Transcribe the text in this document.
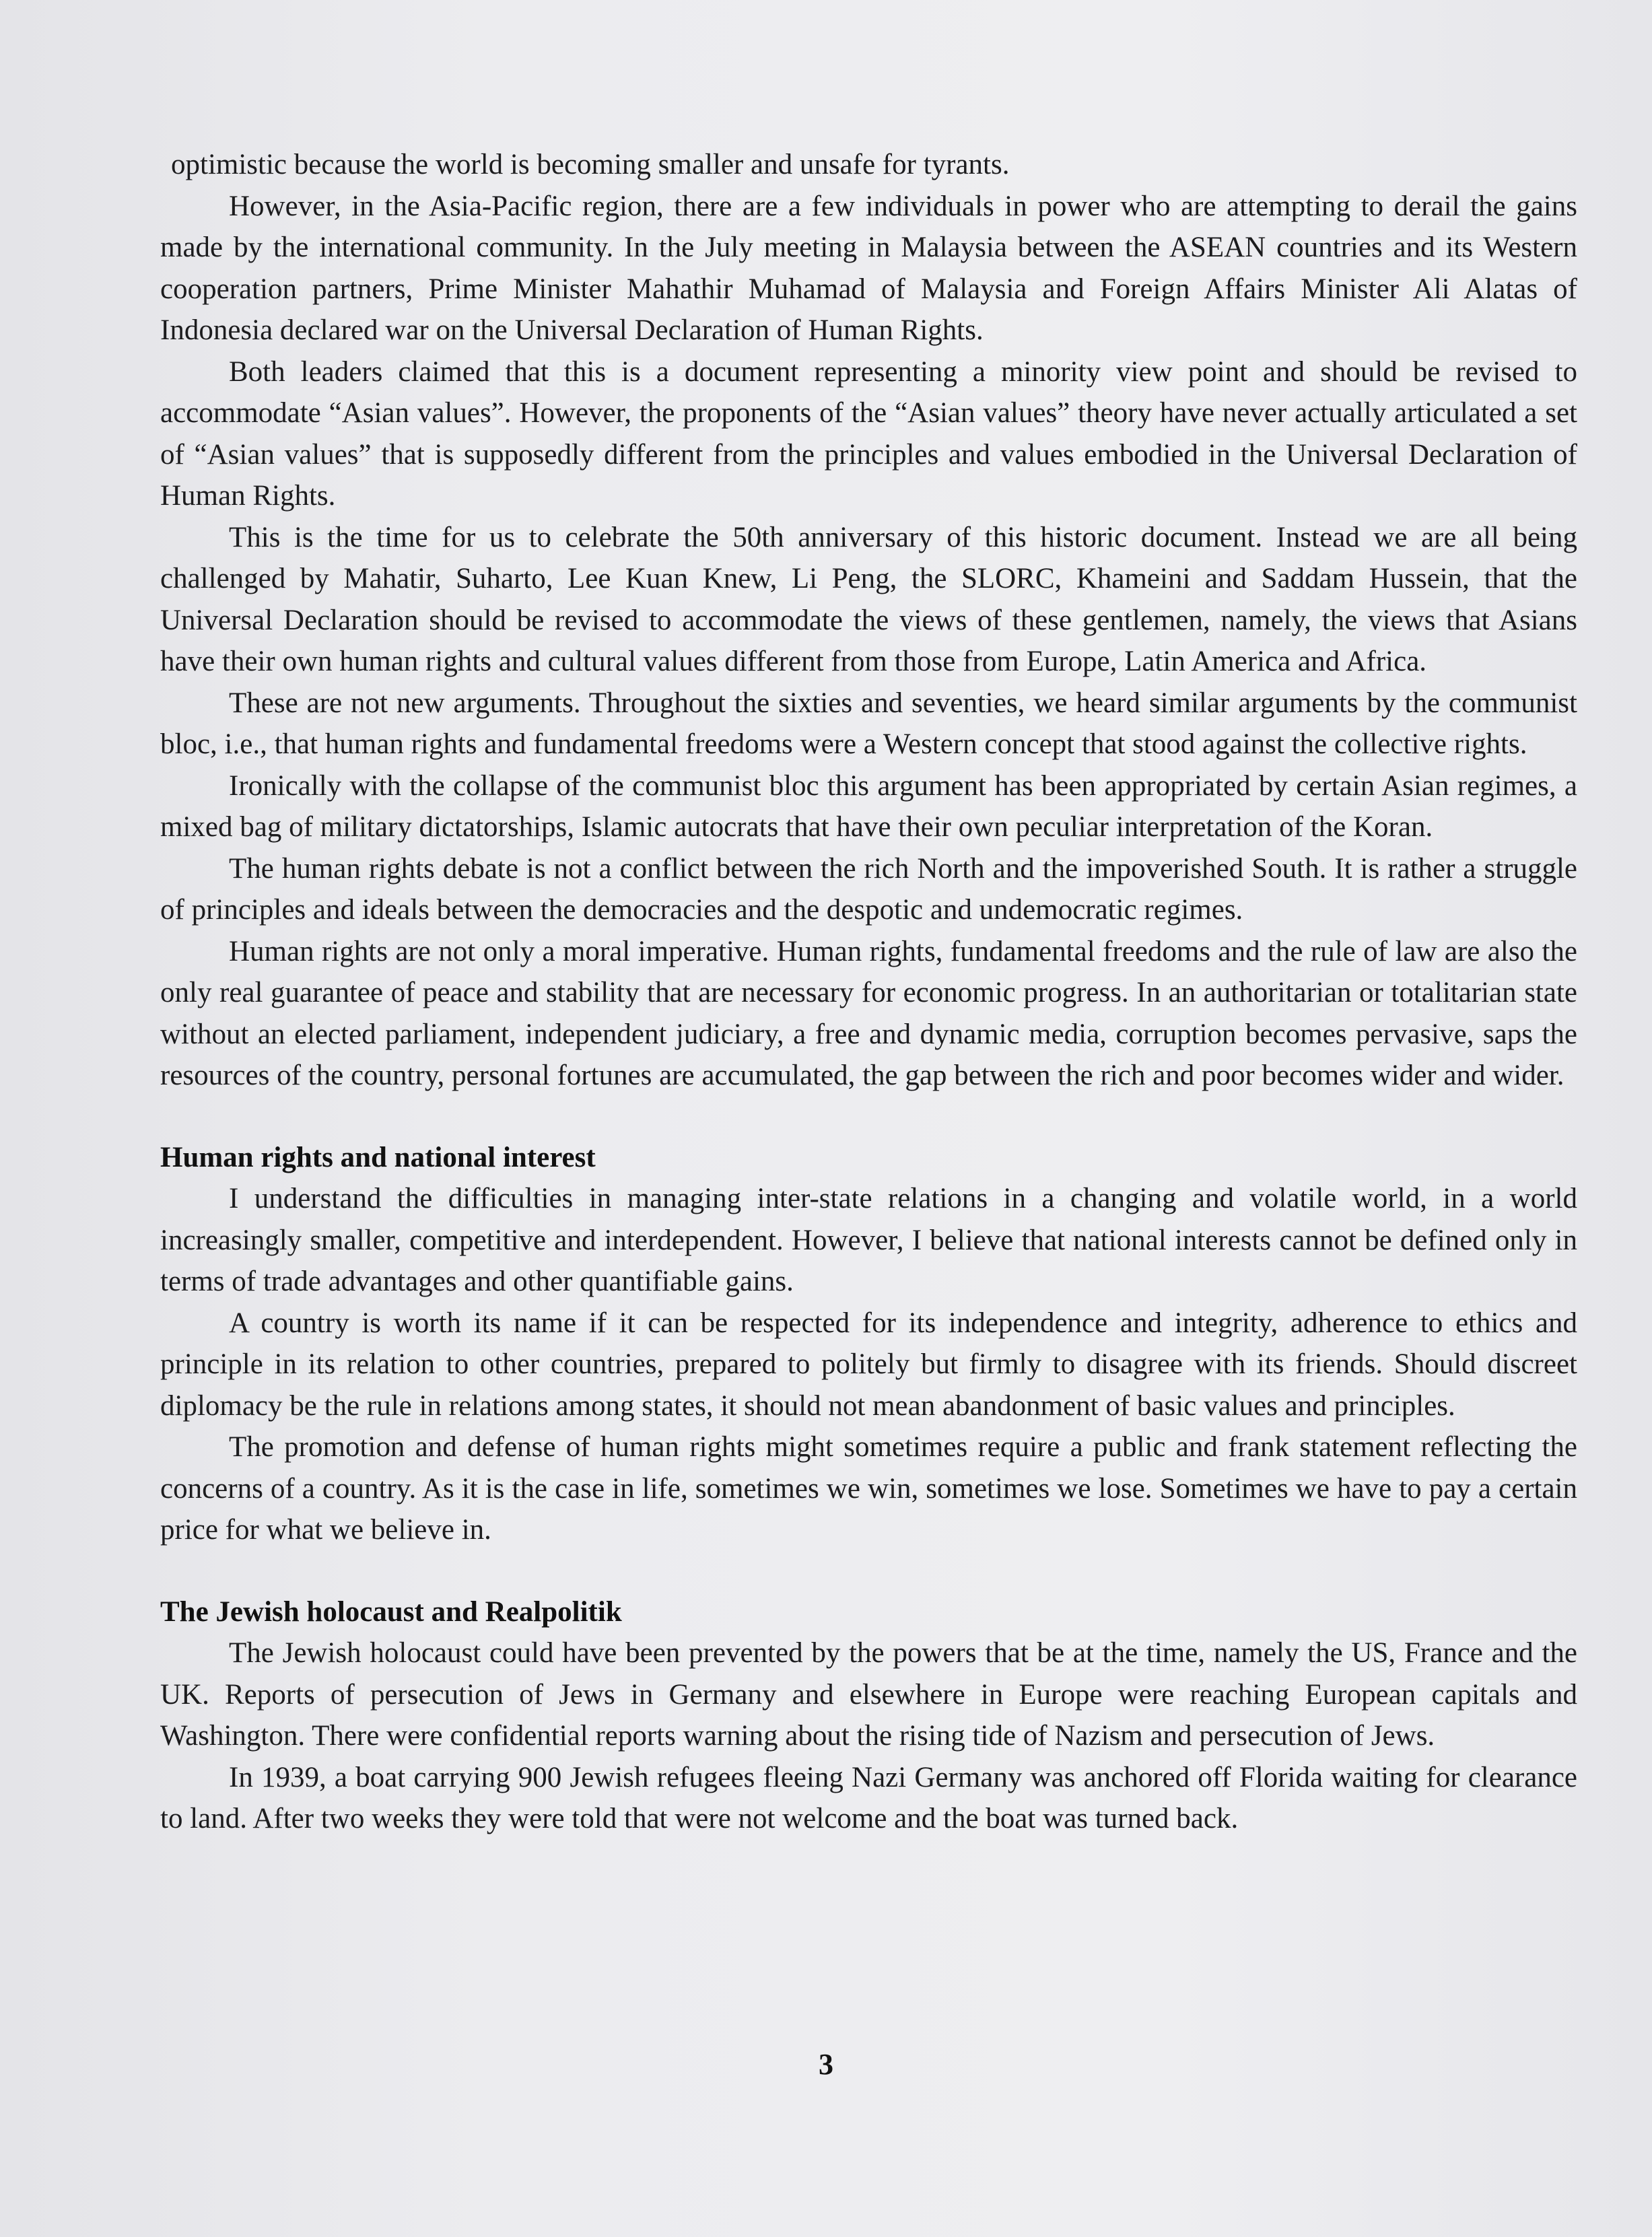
optimistic because the world is becoming smaller and unsafe for tyrants.

However, in the Asia-Pacific region, there are a few individuals in power who are attempting to derail the gains made by the international community. In the July meeting in Malaysia between the ASEAN countries and its Western cooperation partners, Prime Minister Mahathir Muhamad of Malaysia and Foreign Affairs Minister Ali Alatas of Indonesia declared war on the Universal Declaration of Human Rights.

Both leaders claimed that this is a document representing a minority view point and should be revised to accommodate “Asian values”. However, the proponents of the “Asian values” theory have never actually articulated a set of “Asian values” that is supposedly different from the principles and values embodied in the Universal Declaration of Human Rights.

This is the time for us to celebrate the 50th anniversary of this historic document. Instead we are all being challenged by Mahatir, Suharto, Lee Kuan Knew, Li Peng, the SLORC, Khameini and Saddam Hussein, that the Universal Declaration should be revised to accommodate the views of these gentlemen, namely, the views that Asians have their own human rights and cultural values different from those from Europe, Latin America and Africa.

These are not new arguments. Throughout the sixties and seventies, we heard similar arguments by the communist bloc, i.e., that human rights and fundamental freedoms were a Western concept that stood against the collective rights.

Ironically with the collapse of the communist bloc this argument has been appropriated by certain Asian regimes, a mixed bag of military dictatorships, Islamic autocrats that have their own peculiar interpretation of the Koran.

The human rights debate is not a conflict between the rich North and the impoverished South. It is rather a struggle of principles and ideals between the democracies and the despotic and undemocratic regimes.

Human rights are not only a moral imperative. Human rights, fundamental freedoms and the rule of law are also the only real guarantee of peace and stability that are necessary for economic progress. In an authoritarian or totalitarian state without an elected parliament, independent judiciary, a free and dynamic media, corruption becomes pervasive, saps the resources of the country, personal fortunes are accumulated, the gap between the rich and poor becomes wider and wider.

Human rights and national interest

I understand the difficulties in managing inter-state relations in a changing and volatile world, in a world increasingly smaller, competitive and interdependent. However, I believe that national interests cannot be defined only in terms of trade advantages and other quantifiable gains.

A country is worth its name if it can be respected for its independence and integrity, adherence to ethics and principle in its relation to other countries, prepared to politely but firmly to disagree with its friends. Should discreet diplomacy be the rule in relations among states, it should not mean abandonment of basic values and principles.

The promotion and defense of human rights might sometimes require a public and frank statement reflecting the concerns of a country. As it is the case in life, sometimes we win, sometimes we lose. Sometimes we have to pay a certain price for what we believe in.

The Jewish holocaust and Realpolitik

The Jewish holocaust could have been prevented by the powers that be at the time, namely the US, France and the UK. Reports of persecution of Jews in Germany and elsewhere in Europe were reaching European capitals and Washington. There were confidential reports warning about the rising tide of Nazism and persecution of Jews.

In 1939, a boat carrying 900 Jewish refugees fleeing Nazi Germany was anchored off Florida waiting for clearance to land. After two weeks they were told that were not welcome and the boat was turned back.

3
